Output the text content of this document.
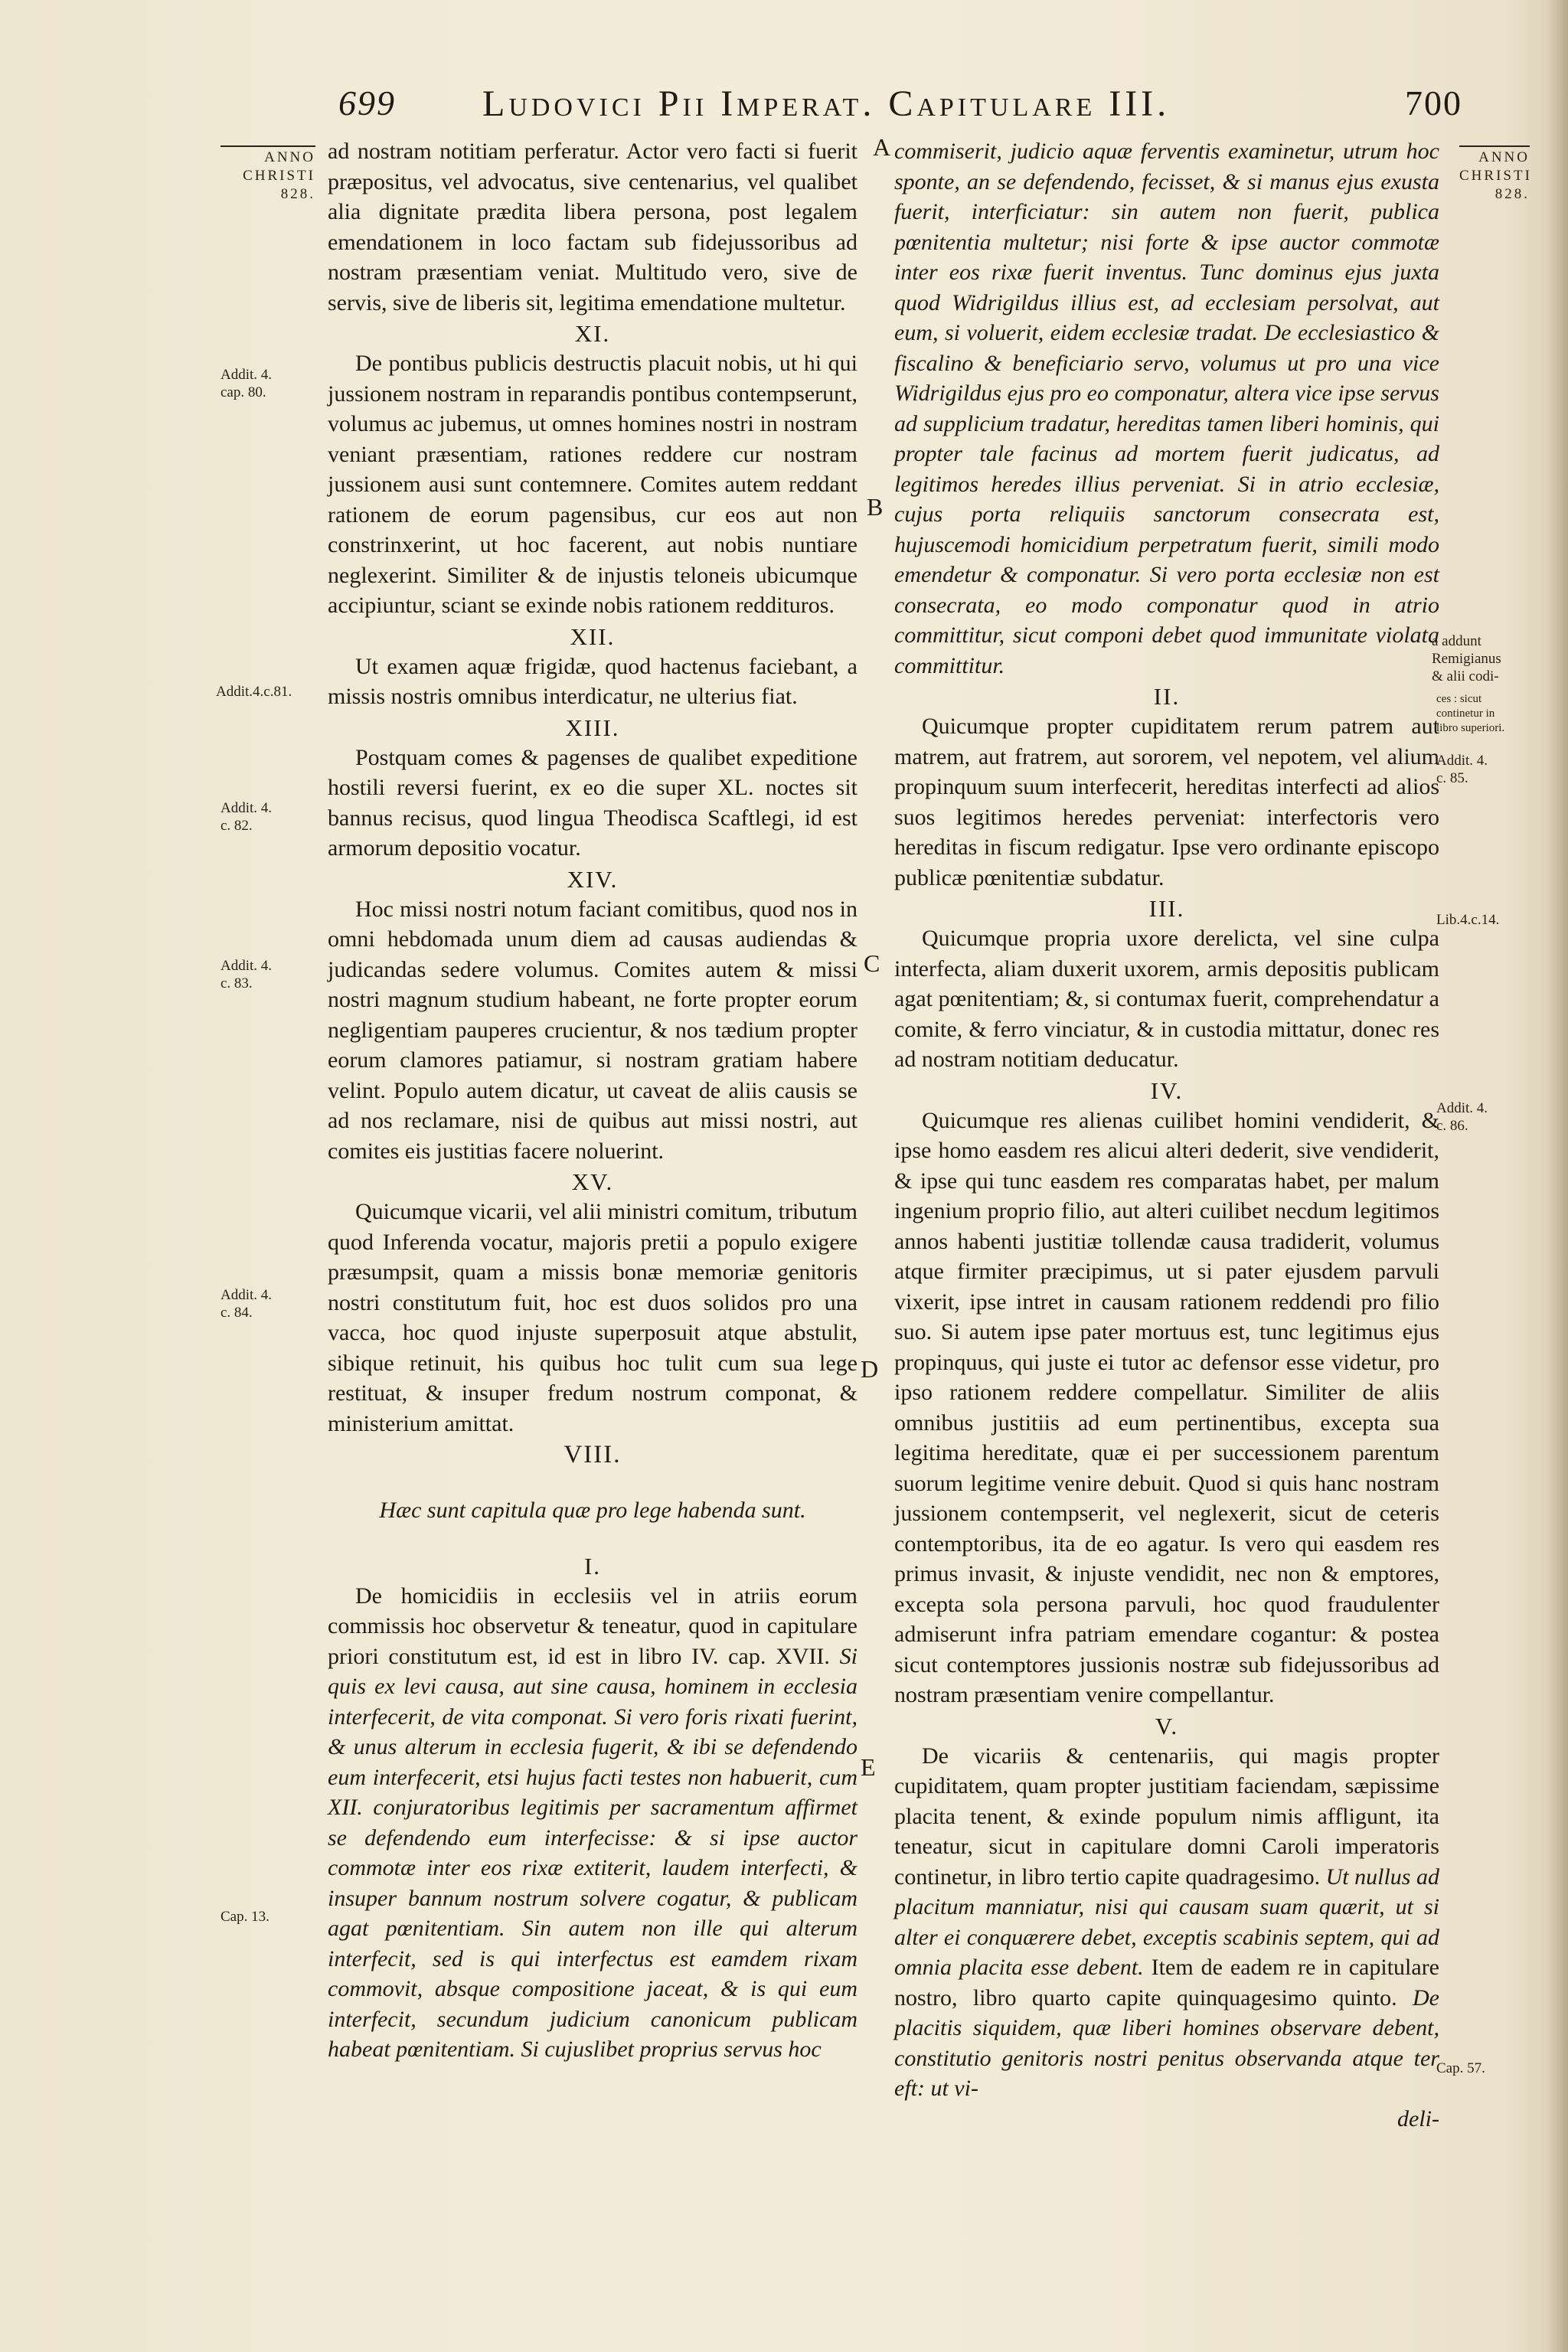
699 Ludovici Pii Imperat. Capitulare III.	700
ANNO
CHRISTI
828.
Addit. 4.
cap. 80.
Addit.4.c.81.
Addit. 4.
c. 82.
Addit. 4.
c. 83.
Addit. 4.
c. 84.
Cap. 13.
A
B
C
D
E

ad nostram notitiam perferatur. Actor vero facti si fuerit præpositus, vel advocatus, sive centenarius, vel qualibet alia dignitate prædita libera persona, post legalem emendationem in loco factam sub fidejussoribus ad nostram præsentiam veniat. Multitudo vero, sive de servis, sive de liberis sit, legitima emendatione multetur.

XI.

De pontibus publicis destructis placuit nobis, ut hi qui jussionem nostram in reparandis pontibus contempserunt, volumus ac jubemus, ut omnes homines nostri in nostram veniant præsentiam, rationes reddere cur nostram jussionem ausi sunt contemnere. Comites autem reddant rationem de eorum pagensibus, cur eos aut non constrinxerint, ut hoc facerent, aut nobis nuntiare neglexerint. Similiter & de injustis teloneis ubicumque accipiuntur, sciant se exinde nobis rationem reddituros.

XII.

Ut examen aquæ frigidæ, quod hactenus faciebant, a missis nostris omnibus interdicatur, ne ulterius fiat.

XIII.

Postquam comes & pagenses de qualibet expeditione hostili reversi fuerint, ex eo die super XL. noctes sit bannus recisus, quod lingua Theodisca Scaftlegi, id est armorum depositio vocatur.

XIV.

Hoc missi nostri notum faciant comitibus, quod nos in omni hebdomada unum diem ad causas audiendas & judicandas sedere volumus. Comites autem & missi nostri magnum studium habeant, ne forte propter eorum negligentiam pauperes crucientur, & nos tædium propter eorum clamores patiamur, si nostram gratiam habere velint. Populo autem dicatur, ut caveat de aliis causis se ad nos reclamare, nisi de quibus aut missi nostri, aut comites eis justitias facere noluerint.

XV.

Quicumque vicarii, vel alii ministri comitum, tributum quod Inferenda vocatur, majoris pretii a populo exigere præsumpsit, quam a missis bonæ memoriæ genitoris nostri constitutum fuit, hoc est duos solidos pro una vacca, hoc quod injuste superposuit atque abstulit, sibique retinuit, his quibus hoc tulit cum sua lege restituat, & insuper fredum nostrum componat, & ministerium amittat.

VIII.
Hæc sunt capitula quæ pro lege habenda sunt.
I.

De homicidiis in ecclesiis vel in atriis eorum commissis hoc observetur & teneatur, quod in capitulare priori constitutum est, id est in libro IV. cap. XVII. Si quis ex levi causa, aut sine causa, hominem in ecclesia interfecerit, de vita componat. Si vero foris rixati fuerint, & unus alterum in ecclesia fugerit, & ibi se defendendo eum interfecerit, etsi hujus facti testes non habuerit, cum XII. conjuratoribus legitimis per sacramentum affirmet se defendendo eum interfecisse: & si ipse auctor commotæ inter eos rixæ extiterit, laudem interfecti, & insuper bannum nostrum solvere cogatur, & publicam agat pœnitentiam. Sin autem non ille qui alterum interfecit, sed is qui interfectus est eamdem rixam commovit, absque compositione jaceat, & is qui eum interfecit, secundum judicium canonicum publicam habeat pœnitentiam. Si cujuslibet proprius servus hoc

commiserit, judicio aquæ ferventis examinetur, utrum hoc sponte, an se defendendo, fecisset, & si manus ejus exusta fuerit, interficiatur: sin autem non fuerit, publica pœnitentia multetur; nisi forte & ipse auctor commotæ inter eos rixæ fuerit inventus. Tunc dominus ejus juxta quod Widrigildus illius est, ad ecclesiam persolvat, aut eum, si voluerit, eidem ecclesiæ tradat. De ecclesiastico & fiscalino & beneficiario servo, volumus ut pro una vice Widrigildus ejus pro eo componatur, altera vice ipse servus ad supplicium tradatur, hereditas tamen liberi hominis, qui propter tale facinus ad mortem fuerit judicatus, ad legitimos heredes illius perveniat. Si in atrio ecclesiæ, cujus porta reliquiis sanctorum consecrata est, hujuscemodi homicidium perpetratum fuerit, simili modo emendetur & componatur. Si vero porta ecclesiæ non est consecrata, eo modo componatur quod in atrio committitur, sicut componi debet quod immunitate violata committitur.

II.

Quicumque propter cupiditatem rerum patrem aut matrem, aut fratrem, aut sororem, vel nepotem, vel alium propinquum suum interfecerit, hereditas interfecti ad alios suos legitimos heredes perveniat: interfectoris vero hereditas in fiscum redigatur. Ipse vero ordinante episcopo publicæ pœnitentiæ subdatur.

III.

Quicumque propria uxore derelicta, vel sine culpa interfecta, aliam duxerit uxorem, armis depositis publicam agat pœnitentiam; &, si contumax fuerit, comprehendatur a comite, & ferro vinciatur, & in custodia mittatur, donec res ad nostram notitiam deducatur.

IV.

Quicumque res alienas cuilibet homini vendiderit, & ipse homo easdem res alicui alteri dederit, sive vendiderit, & ipse qui tunc easdem res comparatas habet, per malum ingenium proprio filio, aut alteri cuilibet necdum legitimos annos habenti justitiæ tollendæ causa tradiderit, volumus atque firmiter præcipimus, ut si pater ejusdem parvuli vixerit, ipse intret in causam rationem reddendi pro filio suo. Si autem ipse pater mortuus est, tunc legitimus ejus propinquus, qui juste ei tutor ac defensor esse videtur, pro ipso rationem reddere compellatur. Similiter de aliis omnibus justitiis ad eum pertinentibus, excepta sua legitima hereditate, quæ ei per successionem parentum suorum legitime venire debuit. Quod si quis hanc nostram jussionem contempserit, vel neglexerit, sicut de ceteris contemptoribus, ita de eo agatur. Is vero qui easdem res primus invasit, & injuste vendidit, nec non & emptores, excepta sola persona parvuli, hoc quod fraudulenter admiserunt infra patriam emendare cogantur: & postea sicut contemptores jussionis nostræ sub fidejussoribus ad nostram præsentiam venire compellantur.

V.

De vicariis & centenariis, qui magis propter cupiditatem, quam propter justitiam faciendam, sæpissime placita tenent, & exinde populum nimis affligunt, ita teneatur, sicut in capitulare domni Caroli imperatoris continetur, in libro tertio capite quadragesimo. Ut nullus ad placitum manniatur, nisi qui causam suam quærit, ut si alter ei conquærere debet, exceptis scabinis septem, qui ad omnia placita esse debent. Item de eadem re in capitulare nostro, libro quarto capite quinquagesimo quinto. De placitis siquidem, quæ liberi homines observare debent, constitutio genitoris nostri penitus observanda atque ter eft: ut vi-

deli-
ANNO
CHRISTI
828.
a addunt
Remigianus
& alii codi-
ces : sicut
continetur in
libro superiori.
Addit. 4.
c. 85.
Lib.4.c.14.
Addit. 4.
c. 86.
Cap. 57.
